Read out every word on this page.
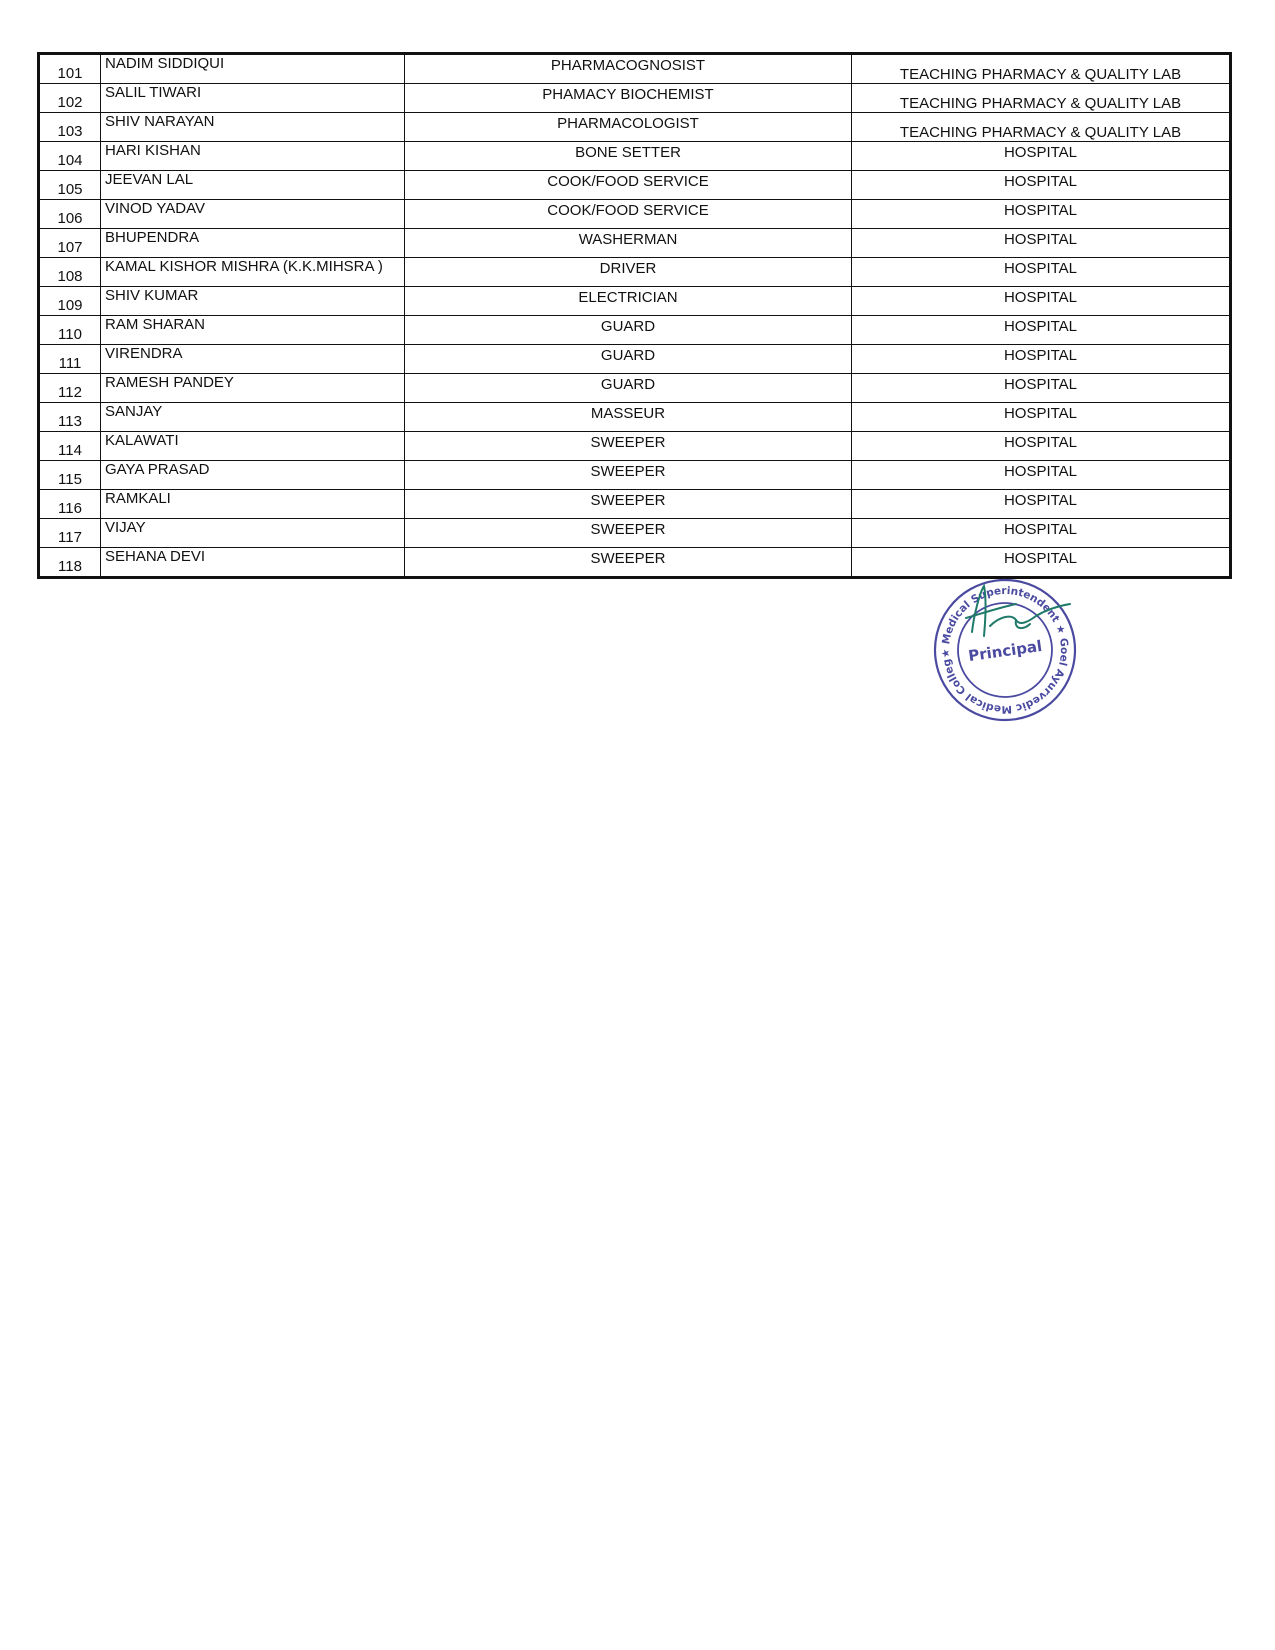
101	NADIM SIDDIQUI	PHARMACOGNOSIST	TEACHING PHARMACY & QUALITY LAB
102	SALIL TIWARI	PHAMACY BIOCHEMIST	TEACHING PHARMACY & QUALITY LAB
103	SHIV NARAYAN	PHARMACOLOGIST	TEACHING PHARMACY & QUALITY LAB
104	HARI KISHAN	BONE SETTER	HOSPITAL
105	JEEVAN LAL	COOK/FOOD SERVICE	HOSPITAL
106	VINOD YADAV	COOK/FOOD SERVICE	HOSPITAL
107	BHUPENDRA	WASHERMAN	HOSPITAL
108	KAMAL KISHOR MISHRA (K.K.MIHSRA )	DRIVER	HOSPITAL
109	SHIV KUMAR	ELECTRICIAN	HOSPITAL
110	RAM SHARAN	GUARD	HOSPITAL
111	VIRENDRA	GUARD	HOSPITAL
112	RAMESH PANDEY	GUARD	HOSPITAL
113	SANJAY	MASSEUR	HOSPITAL
114	KALAWATI	SWEEPER	HOSPITAL
115	GAYA PRASAD	SWEEPER	HOSPITAL
116	RAMKALI	SWEEPER	HOSPITAL
117	VIJAY	SWEEPER	HOSPITAL
118	SEHANA DEVI	SWEEPER	HOSPITAL
★ Medical Superintendent ★ Goel Ayurvedic Medical College
Principal
